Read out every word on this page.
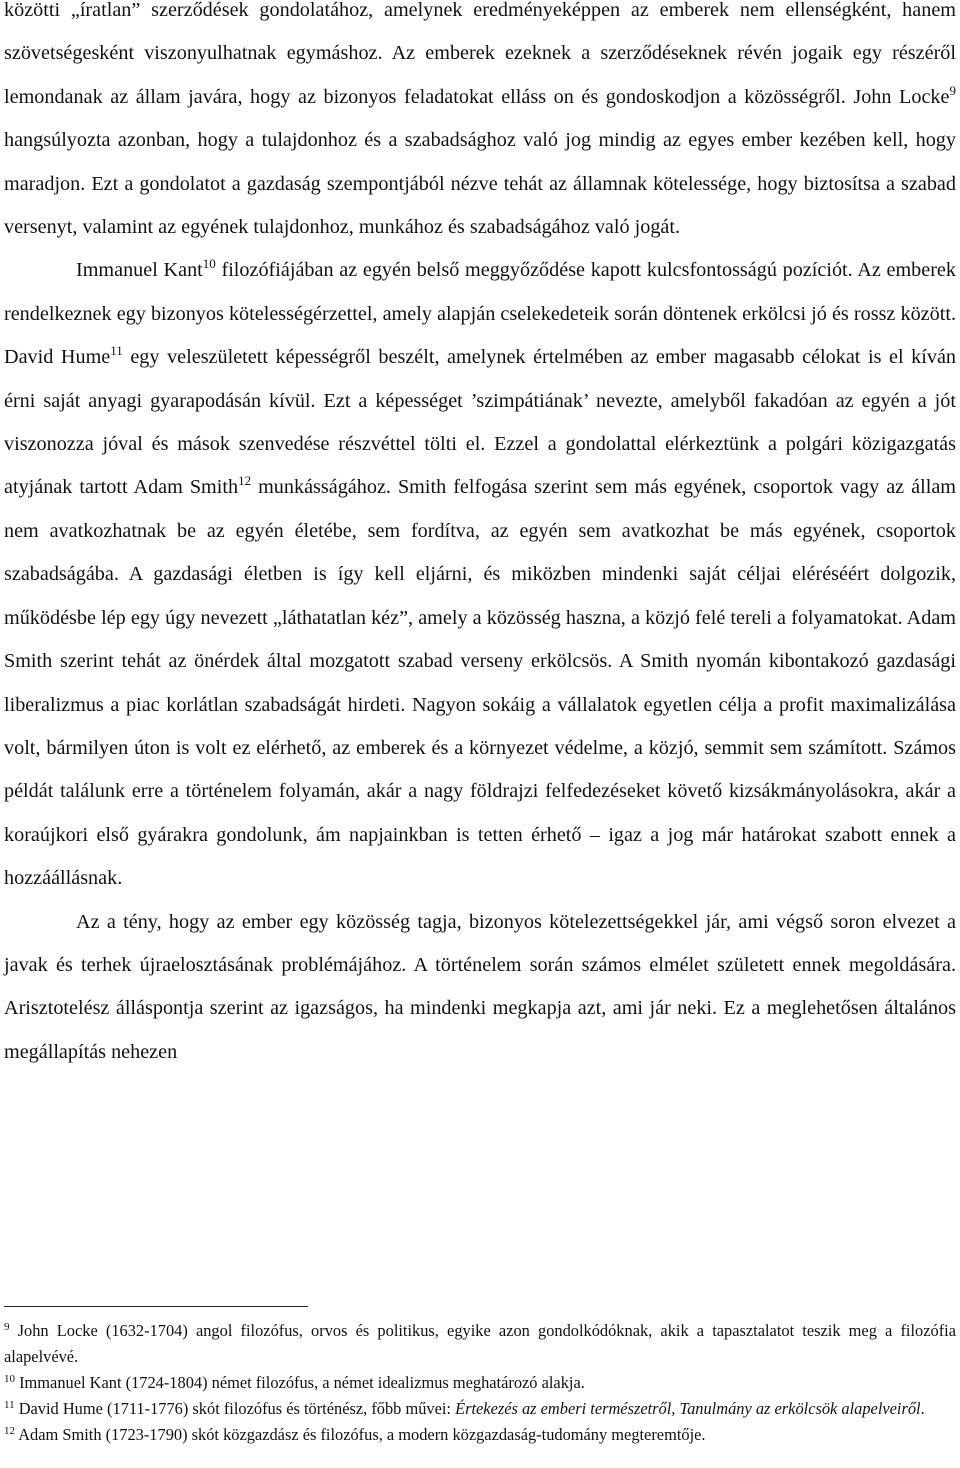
közötti „íratlan” szerződések gondolatához, amelynek eredményeképpen az emberek nem ellenségként, hanem szövetségesként viszonyulhatnak egymáshoz. Az emberek ezeknek a szerződéseknek révén jogaik egy részéről lemondanak az állam javára, hogy az bizonyos feladatokat elláss on és gondoskodjon a közösségről. John Locke$^9$ hangsúlyozta azonban, hogy a tulajdonhoz és a szabadsághoz való jog mindig az egyes ember kezében kell, hogy maradjon. Ezt a gondolatot a gazdaság szempontjából nézve tehát az államnak kötelessége, hogy biztosítsa a szabad versenyt, valamint az egyének tulajdonhoz, munkához és szabadságához való jogát.

Immanuel Kant$^{10}$ filozófiájában az egyén belső meggyőződése kapott kulcsfontosságú pozíciót. Az emberek rendelkeznek egy bizonyos kötelességérzettel, amely alapján cselekedeteik során döntenek erkölcsi jó és rossz között. David Hume$^{11}$ egy veleszületett képességről beszélt, amelynek értelmében az ember magasabb célokat is el kíván érni saját anyagi gyarapodásán kívül. Ezt a képességet ’szimpátiának’ nevezte, amelyből fakadóan az egyén a jót viszonozza jóval és mások szenvedése részvéttel tölti el. Ezzel a gondolattal elérkeztünk a polgári közigazgatás atyjának tartott Adam Smith$^{12}$ munkásságához. Smith felfogása szerint sem más egyének, csoportok vagy az állam nem avatkozhatnak be az egyén életébe, sem fordítva, az egyén sem avatkozhat be más egyének, csoportok szabadságába. A gazdasági életben is így kell eljárni, és miközben mindenki saját céljai eléréséért dolgozik, működésbe lép egy úgy nevezett „láthatatlan kéz”, amely a közösség haszna, a közjó felé tereli a folyamatokat. Adam Smith szerint tehát az önérdek által mozgatott szabad verseny erkölcsös. A Smith nyomán kibontakozó gazdasági liberalizmus a piac korlátlan szabadságát hirdeti. Nagyon sokáig a vállalatok egyetlen célja a profit maximalizálása volt, bármilyen úton is volt ez elérhető, az emberek és a környezet védelme, a közjó, semmit sem számított. Számos példát találunk erre a történelem folyamán, akár a nagy földrajzi felfedezéseket követő kizsákmányolásokra, akár a koraújkori első gyárakra gondolunk, ám napjainkban is tetten érhető – igaz a jog már határokat szabott ennek a hozzáállásnak.

Az a tény, hogy az ember egy közösség tagja, bizonyos kötelezettségekkel jár, ami végső soron elvezet a javak és terhek újraelosztásának problémájához. A történelem során számos elmélet született ennek megoldására. Arisztotelész álláspontja szerint az igazságos, ha mindenki megkapja azt, ami jár neki. Ez a meglehetősen általános megállapítás nehezen

$^9$ John Locke (1632-1704) angol filozófus, orvos és politikus, egyike azon gondolkódóknak, akik a tapasztalatot teszik meg a filozófia alapelvévé.

$^{10}$ Immanuel Kant (1724-1804) német filozófus, a német idealizmus meghatározó alakja.

$^{11}$ David Hume (1711-1776) skót filozófus és történész, főbb művei: Értekezés az emberi természetről, Tanulmány az erkölcsök alapelveiről.

$^{12}$ Adam Smith (1723-1790) skót közgazdász és filozófus, a modern közgazdaság-tudomány megteremtője.
